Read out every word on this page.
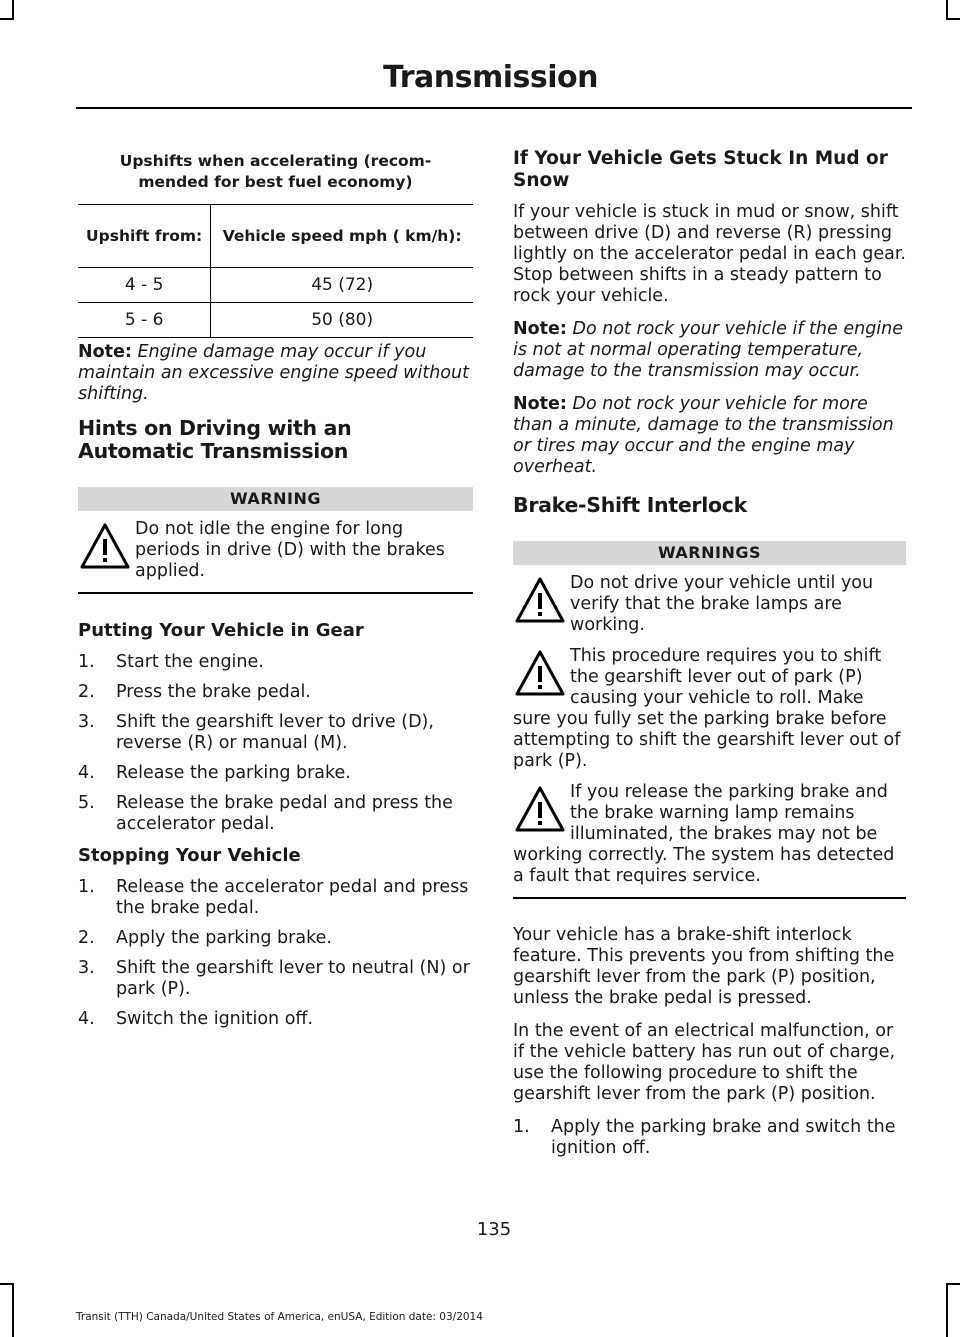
Transmission
Upshifts when accelerating (recom-mended for best fuel economy)	
Upshift from:	Vehicle speed mph ( km/h):
4 - 5	45 (72)
5 - 6	50 (80)

Note: Engine damage may occur if you maintain an excessive engine speed without shifting.

Hints on Driving with an Automatic Transmission
WARNING

Do not idle the engine for long periods in drive (D) with the brakes applied.

Putting Your Vehicle in Gear
1. Start the engine.
2. Press the brake pedal.
3. Shift the gearshift lever to drive (D), reverse (R) or manual (M).
4. Release the parking brake.
5. Release the brake pedal and press the accelerator pedal.
Stopping Your Vehicle
1. Release the accelerator pedal and press the brake pedal.
2. Apply the parking brake.
3. Shift the gearshift lever to neutral (N) or park (P).
4. Switch the ignition off.
If Your Vehicle Gets Stuck In Mud or Snow

If your vehicle is stuck in mud or snow, shift between drive (D) and reverse (R) pressing lightly on the accelerator pedal in each gear. Stop between shifts in a steady pattern to rock your vehicle.

Note: Do not rock your vehicle if the engine is not at normal operating temperature, damage to the transmission may occur.

Note: Do not rock your vehicle for more than a minute, damage to the transmission or tires may occur and the engine may overheat.

Brake-Shift Interlock
WARNINGS

Do not drive your vehicle until you verify that the brake lamps are working.

This procedure requires you to shift the gearshift lever out of park (P) causing your vehicle to roll. Make sure you fully set the parking brake before attempting to shift the gearshift lever out of park (P).

If you release the parking brake and the brake warning lamp remains illuminated, the brakes may not be working correctly. The system has detected a fault that requires service.

Your vehicle has a brake-shift interlock feature. This prevents you from shifting the gearshift lever from the park (P) position, unless the brake pedal is pressed.

In the event of an electrical malfunction, or if the vehicle battery has run out of charge, use the following procedure to shift the gearshift lever from the park (P) position.

1. Apply the parking brake and switch the ignition off.
135
Transit (TTH) Canada/United States of America, enUSA, Edition date: 03/2014
